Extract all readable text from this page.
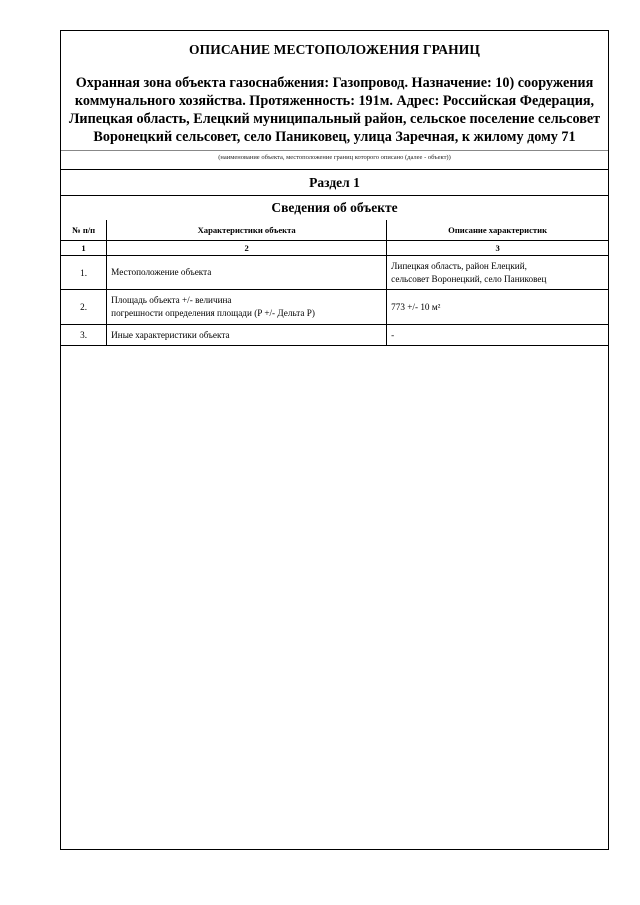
ОПИСАНИЕ МЕСТОПОЛОЖЕНИЯ ГРАНИЦ
Охранная зона объекта газоснабжения: Газопровод. Назначение: 10) сооружения
коммунального хозяйства. Протяженность: 191м. Адрес: Российская Федерация,
Липецкая область, Елецкий муниципальный район, сельское поселение сельсовет
Воронецкий сельсовет, село Паниковец, улица Заречная, к жилому дому 71
(наименование объекта, местоположение границ которого описано (далее - объект))
Раздел 1
Сведения об объекте
№ п/п	Характеристики объекта	Описание характеристик
1	2	3
1.	Местоположение объекта	Липецкая область, район Елецкий,
сельсовет Воронецкий, село Паниковец

2.	Площадь объекта +/- величина
погрешности определения площади (P +/- Дельта P)	773 +/- 10 м²

3.	Иные характеристики объекта	-
